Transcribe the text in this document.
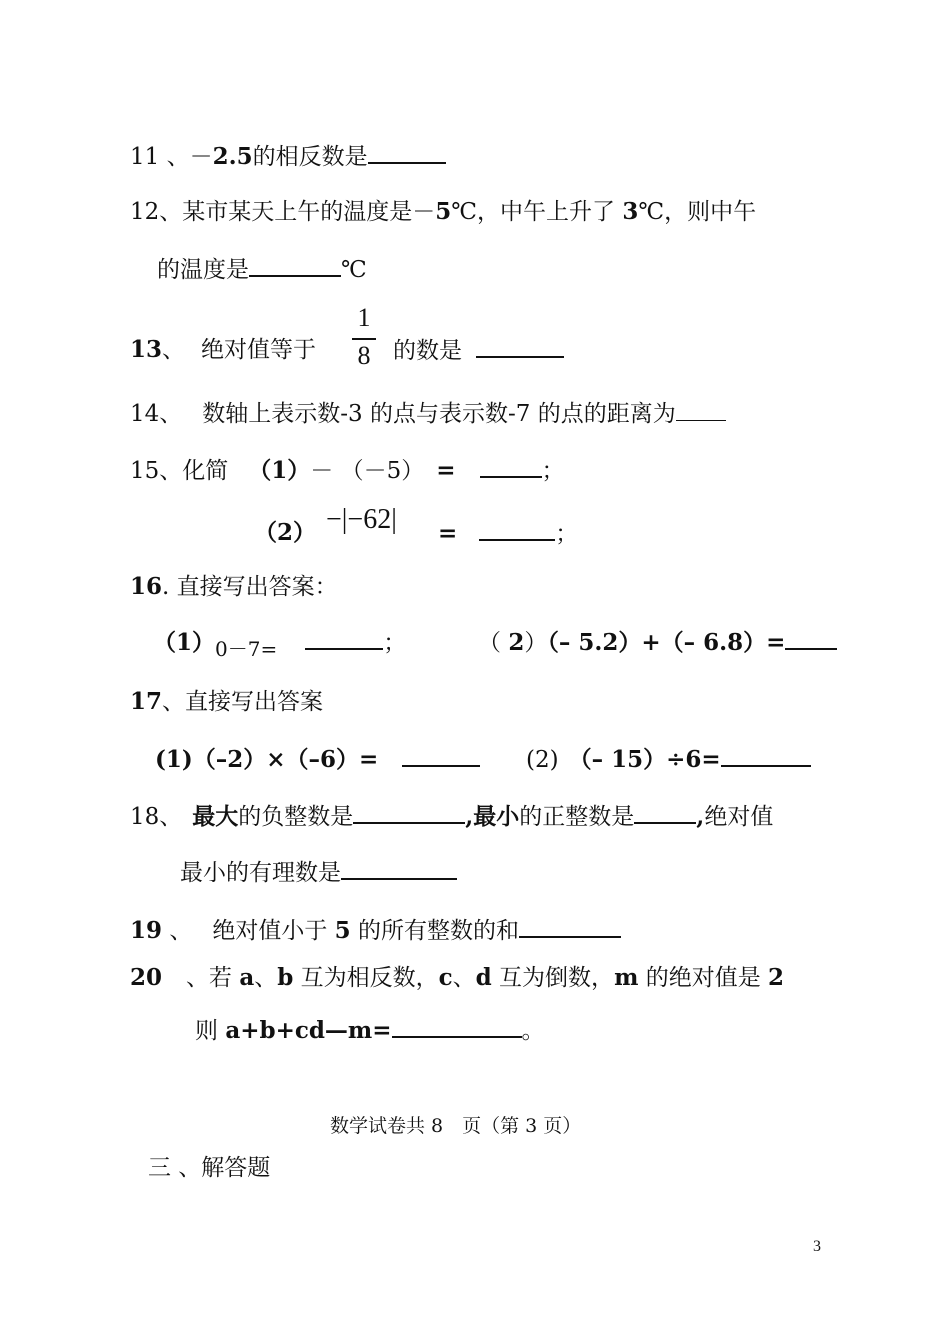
11 、－2.5的相反数是
12、某市某天上午的温度是－5℃，中午上升了 3℃，则中午
的温度是	℃
13、 绝对值等于
1
8 的数是
14、 数轴上表示数-3 的点与表示数-7 的点的距离为
15、化简 （1）－ （－5） =	；
（2） −|−62| =	；
16. 直接写出答案：
（1）0－7=	；	（ 2）（– 5.2）+（– 6.8）=
17、直接写出答案
(1)（–2）×（–6）=	(2) （– 15）÷6=
18、 最大的负整数是	,最小的正整数是	,绝对值
最小的有理数是
19 、 绝对值小于 5 的所有整数的和
20 、若 a、b 互为相反数，c、d 互为倒数，m 的绝对值是 2
则 a+b+cd—m=	。
数学试卷共 8　页（第 3 页）
三 、解答题
3
